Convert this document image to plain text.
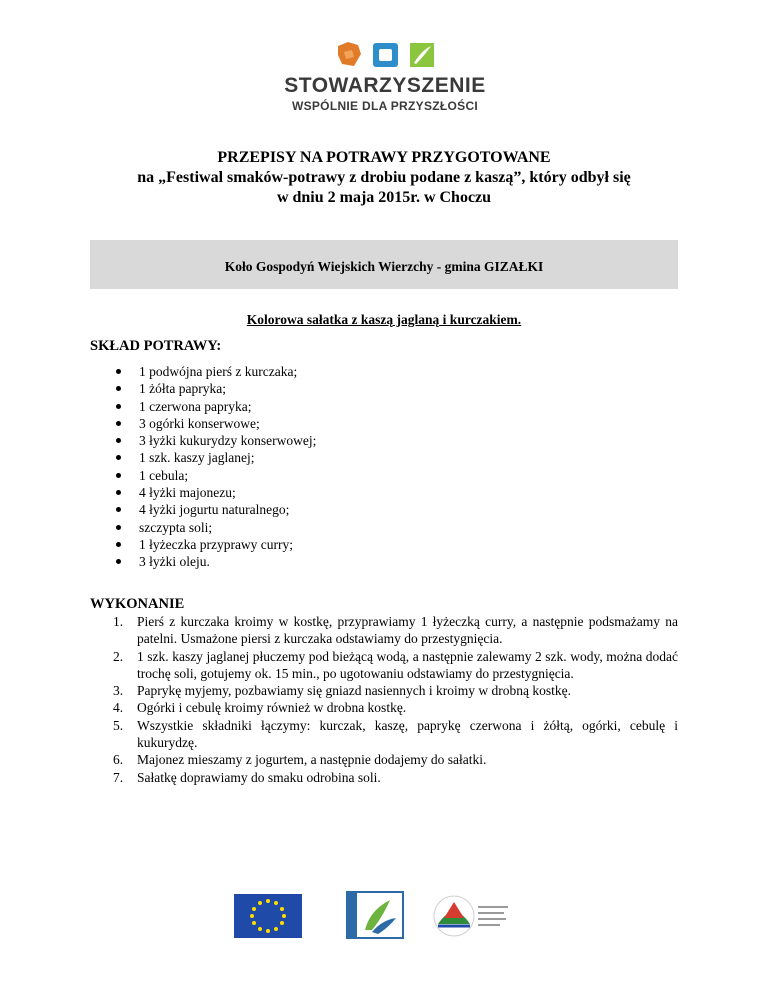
STOWARZYSZENIE
WSPÓLNIE DLA PRZYSZŁOŚCI
PRZEPISY NA POTRAWY PRZYGOTOWANE
na „Festiwal smaków-potrawy z drobiu podane z kaszą”, który odbył się
w dniu 2 maja 2015r. w Choczu
Koło Gospodyń Wiejskich Wierzchy - gmina GIZAŁKI
Kolorowa sałatka z kaszą jaglaną i kurczakiem.
SKŁAD POTRAWY:
1 podwójna pierś z kurczaka;
1 żółta papryka;
1 czerwona papryka;
3 ogórki konserwowe;
3 łyżki kukurydzy konserwowej;
1 szk. kaszy jaglanej;
1 cebula;
4 łyżki majonezu;
4 łyżki jogurtu naturalnego;
szczypta soli;
1 łyżeczka przyprawy curry;
3 łyżki oleju.
WYKONANIE
1. Pierś z kurczaka kroimy w kostkę, przyprawiamy 1 łyżeczką curry, a następnie podsmażamy na patelni. Usmażone piersi z kurczaka odstawiamy do przestygnięcia.
2. 1 szk. kaszy jaglanej płuczemy pod bieżącą wodą, a następnie zalewamy 2 szk. wody, można dodać trochę soli, gotujemy ok. 15 min., po ugotowaniu odstawiamy do przestygnięcia.
3. Paprykę myjemy, pozbawiamy się gniazd nasiennych i kroimy w drobną kostkę.
4. Ogórki i cebulę kroimy również w drobna kostkę.
5. Wszystkie składniki łączymy: kurczak, kaszę, paprykę czerwona i żółtą, ogórki, cebulę i kukurydzę.
6. Majonez mieszamy z jogurtem, a następnie dodajemy do sałatki.
7. Sałatkę doprawiamy do smaku odrobina soli.
